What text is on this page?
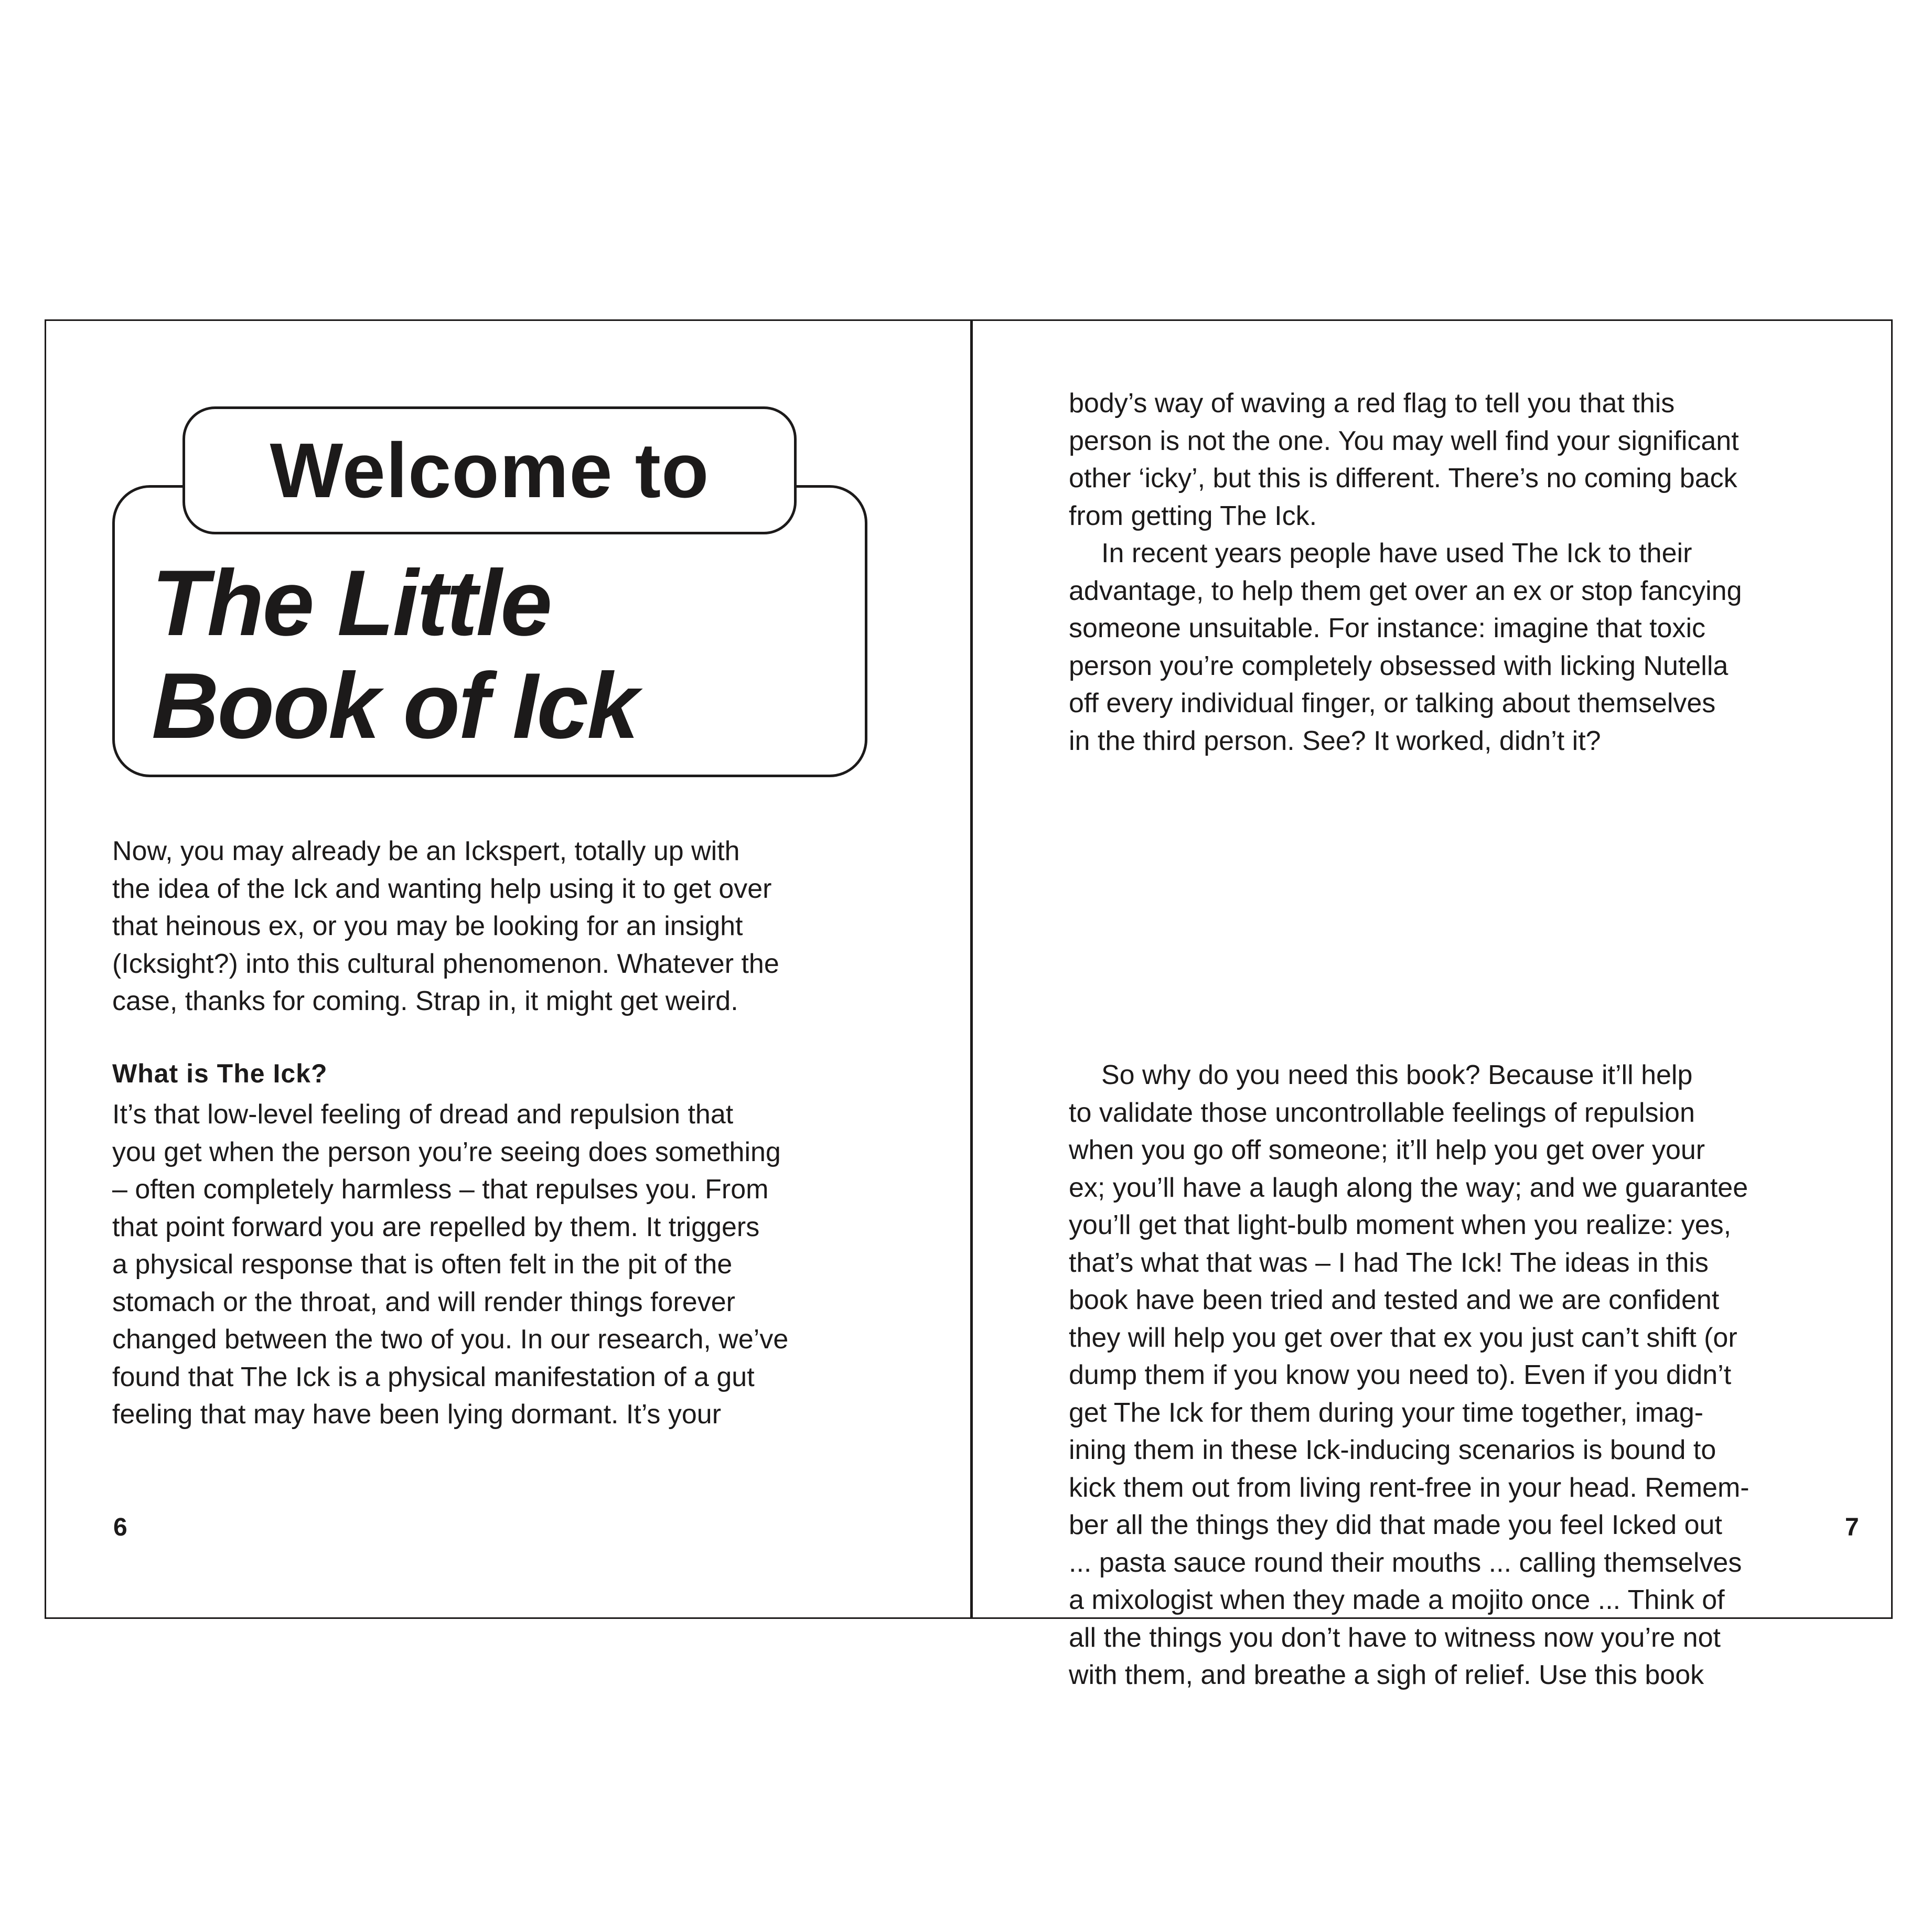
The Little
Book of Ick
Welcome to

Now, you may already be an Ickspert, totally up with
the idea of the Ick and wanting help using it to get over
that heinous ex, or you may be looking for an insight
(Icksight?) into this cultural phenomenon. Whatever the
case, thanks for coming. Strap in, it might get weird.

What is The Ick?

It’s that low-level feeling of dread and repulsion that
you get when the person you’re seeing does something
– often completely harmless – that repulses you. From
that point forward you are repelled by them. It triggers
a physical response that is often felt in the pit of the
stomach or the throat, and will render things forever
changed between the two of you. In our research, we’ve
found that The Ick is a physical manifestation of a gut
feeling that may have been lying dormant. It’s your

6

body’s way of waving a red flag to tell you that this
person is not the one. You may well find your significant
other ‘icky’, but this is different. There’s no coming back
from getting The Ick.

In recent years people have used The Ick to their
advantage, to help them get over an ex or stop fancying
someone unsuitable. For instance: imagine that toxic
person you’re completely obsessed with licking Nutella
off every individual finger, or talking about themselves
in the third person. See? It worked, didn’t it?

So why do you need this book? Because it’ll help
to validate those uncontrollable feelings of repulsion
when you go off someone; it’ll help you get over your
ex; you’ll have a laugh along the way; and we guarantee
you’ll get that light-bulb moment when you realize: yes,
that’s what that was – I had The Ick! The ideas in this
book have been tried and tested and we are confident
they will help you get over that ex you just can’t shift (or
dump them if you know you need to). Even if you didn’t
get The Ick for them during your time together, imag-
ining them in these Ick-inducing scenarios is bound to
kick them out from living rent-free in your head. Remem-
ber all the things they did that made you feel Icked out
... pasta sauce round their mouths ... calling themselves
a mixologist when they made a mojito once ... Think of
all the things you don’t have to witness now you’re not
with them, and breathe a sigh of relief. Use this book

7
